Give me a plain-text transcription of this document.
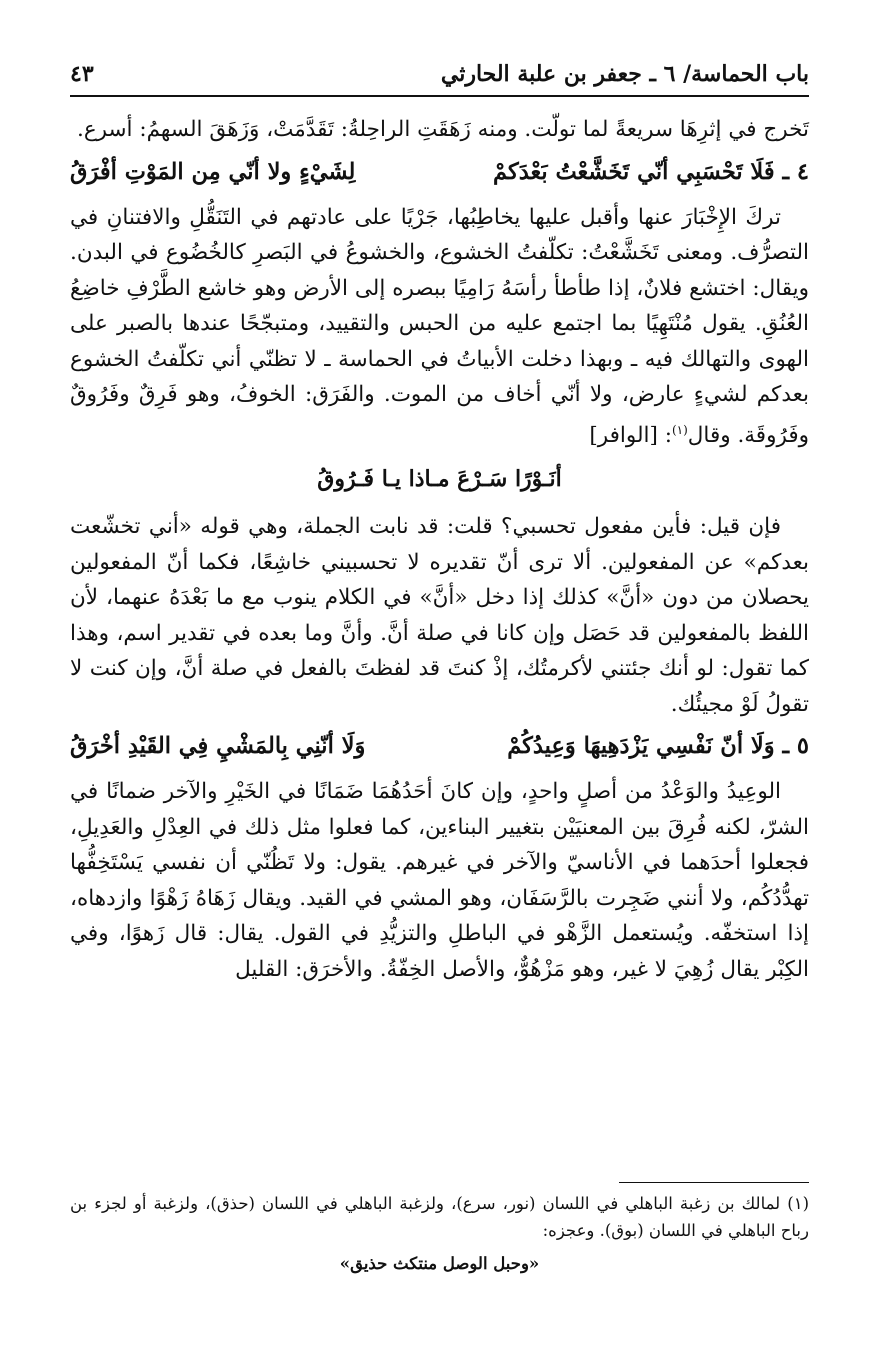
باب الحماسة/ ٦ ـ جعفر بن علبة الحارثي
٤٣

تَخرج في إثرِهَا سريعةً لما تولّت. ومنه زَهَقَتِ الراحِلةُ: تَقَدَّمَتْ، وَزَهَقَ السهمُ: أسرع.

٤ ـ فَلَا تَحْسَبِي أنّي تَخَشَّعْتُ بَعْدَكمْ
لِشَيْءٍ ولا أنّي مِن المَوْتِ أفْرَقُ

تركَ الإِخْبَارَ عنها وأقبل عليها يخاطِبُها، جَرْيًا على عادتهم في التَنَقُّلِ والافتنانِ في التصرُّف. ومعنى تَخَشَّعْتُ: تكلّفتُ الخشوع، والخشوعُ في البَصرِ كالخُضُوع في البدن. ويقال: اختشع فلانٌ، إذا طأطأ رأسَهُ رَامِيًا ببصره إلى الأرض وهو خاشع الطَّرْفِ خاضِعُ العُنُقِ. يقول مُنْتَهِيًا بما اجتمع عليه من الحبس والتقييد، ومتبجّحًا عندها بالصبر على الهوى والتهالك فيه ـ وبهذا دخلت الأبياتُ في الحماسة ـ لا تظنّي أني تكلّفتُ الخشوع بعدكم لشيءٍ عارض، ولا أنّي أخاف من الموت. والفَرَق: الخوفُ، وهو فَرِقٌ وفَرُوقٌ وفَرُوقَة. وقال$^{(١)}$: [الوافر]

أنَـوْرًا سَـرْعَ مـاذا يـا فَـرُوقُ

فإن قيل: فأين مفعول تحسبي؟ قلت: قد نابت الجملة، وهي قوله «أني تخشّعت بعدكم» عن المفعولين. ألا ترى أنّ تقديره لا تحسبيني خاشِعًا، فكما أنّ المفعولين يحصلان من دون «أنَّ» كذلك إذا دخل «أنَّ» في الكلام ينوب مع ما بَعْدَهُ عنهما، لأن اللفظ بالمفعولين قد حَصَل وإن كانا في صلة أنَّ. وأنَّ وما بعده في تقدير اسم، وهذا كما تقول: لو أنك جئتني لأكرمتُك، إذْ كنتَ قد لفظتَ بالفعل في صلة أنَّ، وإن كنت لا تقولُ لَوْ مجيئُك.

٥ ـ وَلَا أنّ نَفْسِي يَزْدَهِيهَا وَعِيدُكُمْ
وَلَا أنّنِي بِالمَشْيِ فِي القَيْدِ أخْرَقُ

الوعِيدُ والوَعْدُ من أصلٍ واحدٍ، وإن كانَ أحَدُهُمَا ضَمَانًا في الخَيْرِ والآخر ضمانًا في الشرّ، لكنه فُرِقَ بين المعنيَيْن بتغيير البناءين، كما فعلوا مثل ذلك في العِدْلِ والعَدِيلِ، فجعلوا أحدَهما في الأناسيّ والآخر في غيرهم. يقول: ولا تَظُنّي أن نفسي يَسْتَخِفُّها تهدُّدُكُم، ولا أنني ضَجِرت بالرَّسَفَان، وهو المشي في القيد. ويقال زَهَاهُ زَهْوًا وازدهاه، إذا استخفّه. ويُستعمل الزَّهْو في الباطلِ والتزيُّدِ في القول. يقال: قال زَهوًا، وفي الكِبْر يقال زُهِيَ لا غير، وهو مَزْهُوٌّ، والأصل الخِفّةُ. والأخرَق: القليل

(١) لمالك بن زغبة الباهلي في اللسان (نور، سرع)، ولزغبة الباهلي في اللسان (حذق)، ولزغبة أو لجزء بن رباح الباهلي في اللسان (بوق). وعجزه:

«وحبل الوصل منتكث حذيق»
